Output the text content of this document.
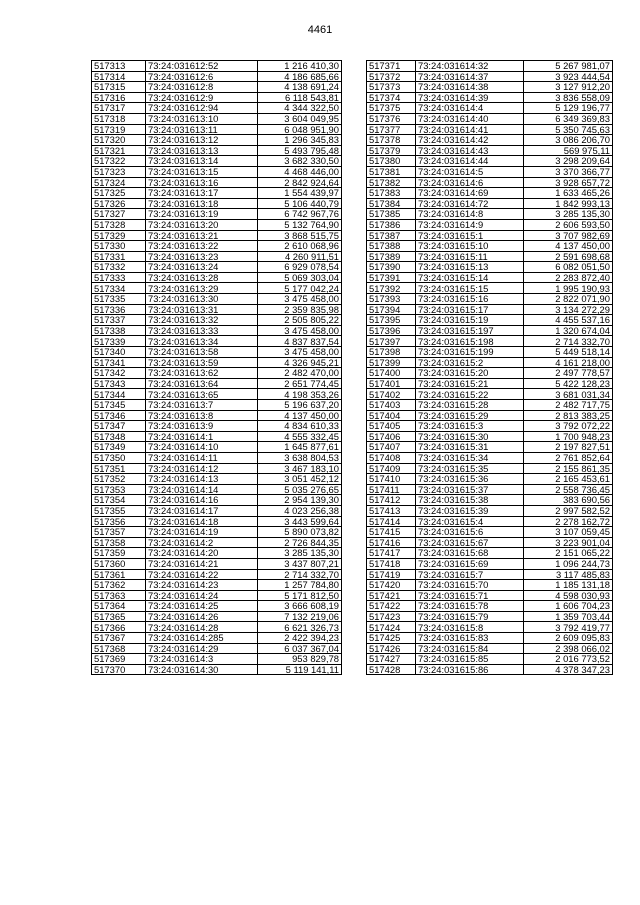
4461
517313	73:24:031612:52	1 216 410,30
517314	73:24:031612:6	4 186 685,66
517315	73:24:031612:8	4 138 691,24
517316	73:24:031612:9	6 118 543,81
517317	73:24:031612:94	4 344 322,50
517318	73:24:031613:10	3 604 049,95
517319	73:24:031613:11	6 048 951,90
517320	73:24:031613:12	1 296 345,83
517321	73:24:031613:13	5 493 795,48
517322	73:24:031613:14	3 682 330,50
517323	73:24:031613:15	4 468 446,00
517324	73:24:031613:16	2 842 924,64
517325	73:24:031613:17	1 554 439,97
517326	73:24:031613:18	5 106 440,79
517327	73:24:031613:19	6 742 967,76
517328	73:24:031613:20	5 132 764,90
517329	73:24:031613:21	3 868 515,75
517330	73:24:031613:22	2 610 068,96
517331	73:24:031613:23	4 260 911,51
517332	73:24:031613:24	6 929 078,54
517333	73:24:031613:28	5 069 303,04
517334	73:24:031613:29	5 177 042,24
517335	73:24:031613:30	3 475 458,00
517336	73:24:031613:31	2 359 835,98
517337	73:24:031613:32	2 505 805,22
517338	73:24:031613:33	3 475 458,00
517339	73:24:031613:34	4 837 837,54
517340	73:24:031613:58	3 475 458,00
517341	73:24:031613:59	4 326 945,21
517342	73:24:031613:62	2 482 470,00
517343	73:24:031613:64	2 651 774,45
517344	73:24:031613:65	4 198 353,26
517345	73:24:031613:7	5 196 637,20
517346	73:24:031613:8	4 137 450,00
517347	73:24:031613:9	4 834 610,33
517348	73:24:031614:1	4 555 332,45
517349	73:24:031614:10	1 645 877,61
517350	73:24:031614:11	3 638 804,53
517351	73:24:031614:12	3 467 183,10
517352	73:24:031614:13	3 051 452,12
517353	73:24:031614:14	5 035 276,65
517354	73:24:031614:16	2 954 139,30
517355	73:24:031614:17	4 023 256,38
517356	73:24:031614:18	3 443 599,64
517357	73:24:031614:19	5 890 073,82
517358	73:24:031614:2	2 726 844,35
517359	73:24:031614:20	3 285 135,30
517360	73:24:031614:21	3 437 807,21
517361	73:24:031614:22	2 714 332,70
517362	73:24:031614:23	1 257 784,80
517363	73:24:031614:24	5 171 812,50
517364	73:24:031614:25	3 666 608,19
517365	73:24:031614:26	7 132 219,06
517366	73:24:031614:28	6 621 326,73
517367	73:24:031614:285	2 422 394,23
517368	73:24:031614:29	6 037 367,04
517369	73:24:031614:3	953 829,78
517370	73:24:031614:30	5 119 141,11
517371	73:24:031614:32	5 267 981,07
517372	73:24:031614:37	3 923 444,54
517373	73:24:031614:38	3 127 912,20
517374	73:24:031614:39	3 836 558,09
517375	73:24:031614:4	5 129 196,77
517376	73:24:031614:40	6 349 369,83
517377	73:24:031614:41	5 350 745,63
517378	73:24:031614:42	3 086 206,70
517379	73:24:031614:43	569 975,11
517380	73:24:031614:44	3 298 209,64
517381	73:24:031614:5	3 370 366,77
517382	73:24:031614:6	3 928 657,72
517383	73:24:031614:69	1 633 465,26
517384	73:24:031614:72	1 842 993,13
517385	73:24:031614:8	3 285 135,30
517386	73:24:031614:9	2 606 593,50
517387	73:24:031615:1	3 707 982,69
517388	73:24:031615:10	4 137 450,00
517389	73:24:031615:11	2 591 698,68
517390	73:24:031615:13	6 082 051,50
517391	73:24:031615:14	2 283 872,40
517392	73:24:031615:15	1 995 190,93
517393	73:24:031615:16	2 822 071,90
517394	73:24:031615:17	3 134 272,29
517395	73:24:031615:19	4 455 537,16
517396	73:24:031615:197	1 320 674,04
517397	73:24:031615:198	2 714 332,70
517398	73:24:031615:199	5 449 518,14
517399	73:24:031615:2	4 161 218,00
517400	73:24:031615:20	2 497 778,57
517401	73:24:031615:21	5 422 128,23
517402	73:24:031615:22	3 681 031,34
517403	73:24:031615:28	2 482 717,75
517404	73:24:031615:29	2 813 383,25
517405	73:24:031615:3	3 792 072,22
517406	73:24:031615:30	1 700 948,23
517407	73:24:031615:31	2 197 827,51
517408	73:24:031615:34	2 761 852,64
517409	73:24:031615:35	2 155 861,35
517410	73:24:031615:36	2 165 453,61
517411	73:24:031615:37	2 558 736,45
517412	73:24:031615:38	383 690,56
517413	73:24:031615:39	2 997 582,52
517414	73:24:031615:4	2 278 162,72
517415	73:24:031615:6	3 107 059,45
517416	73:24:031615:67	3 223 901,04
517417	73:24:031615:68	2 151 065,22
517418	73:24:031615:69	1 096 244,73
517419	73:24:031615:7	3 117 485,83
517420	73:24:031615:70	1 185 131,18
517421	73:24:031615:71	4 598 030,93
517422	73:24:031615:78	1 606 704,23
517423	73:24:031615:79	1 359 703,44
517424	73:24:031615:8	3 792 419,77
517425	73:24:031615:83	2 609 095,83
517426	73:24:031615:84	2 398 066,02
517427	73:24:031615:85	2 016 773,52
517428	73:24:031615:86	4 378 347,23
